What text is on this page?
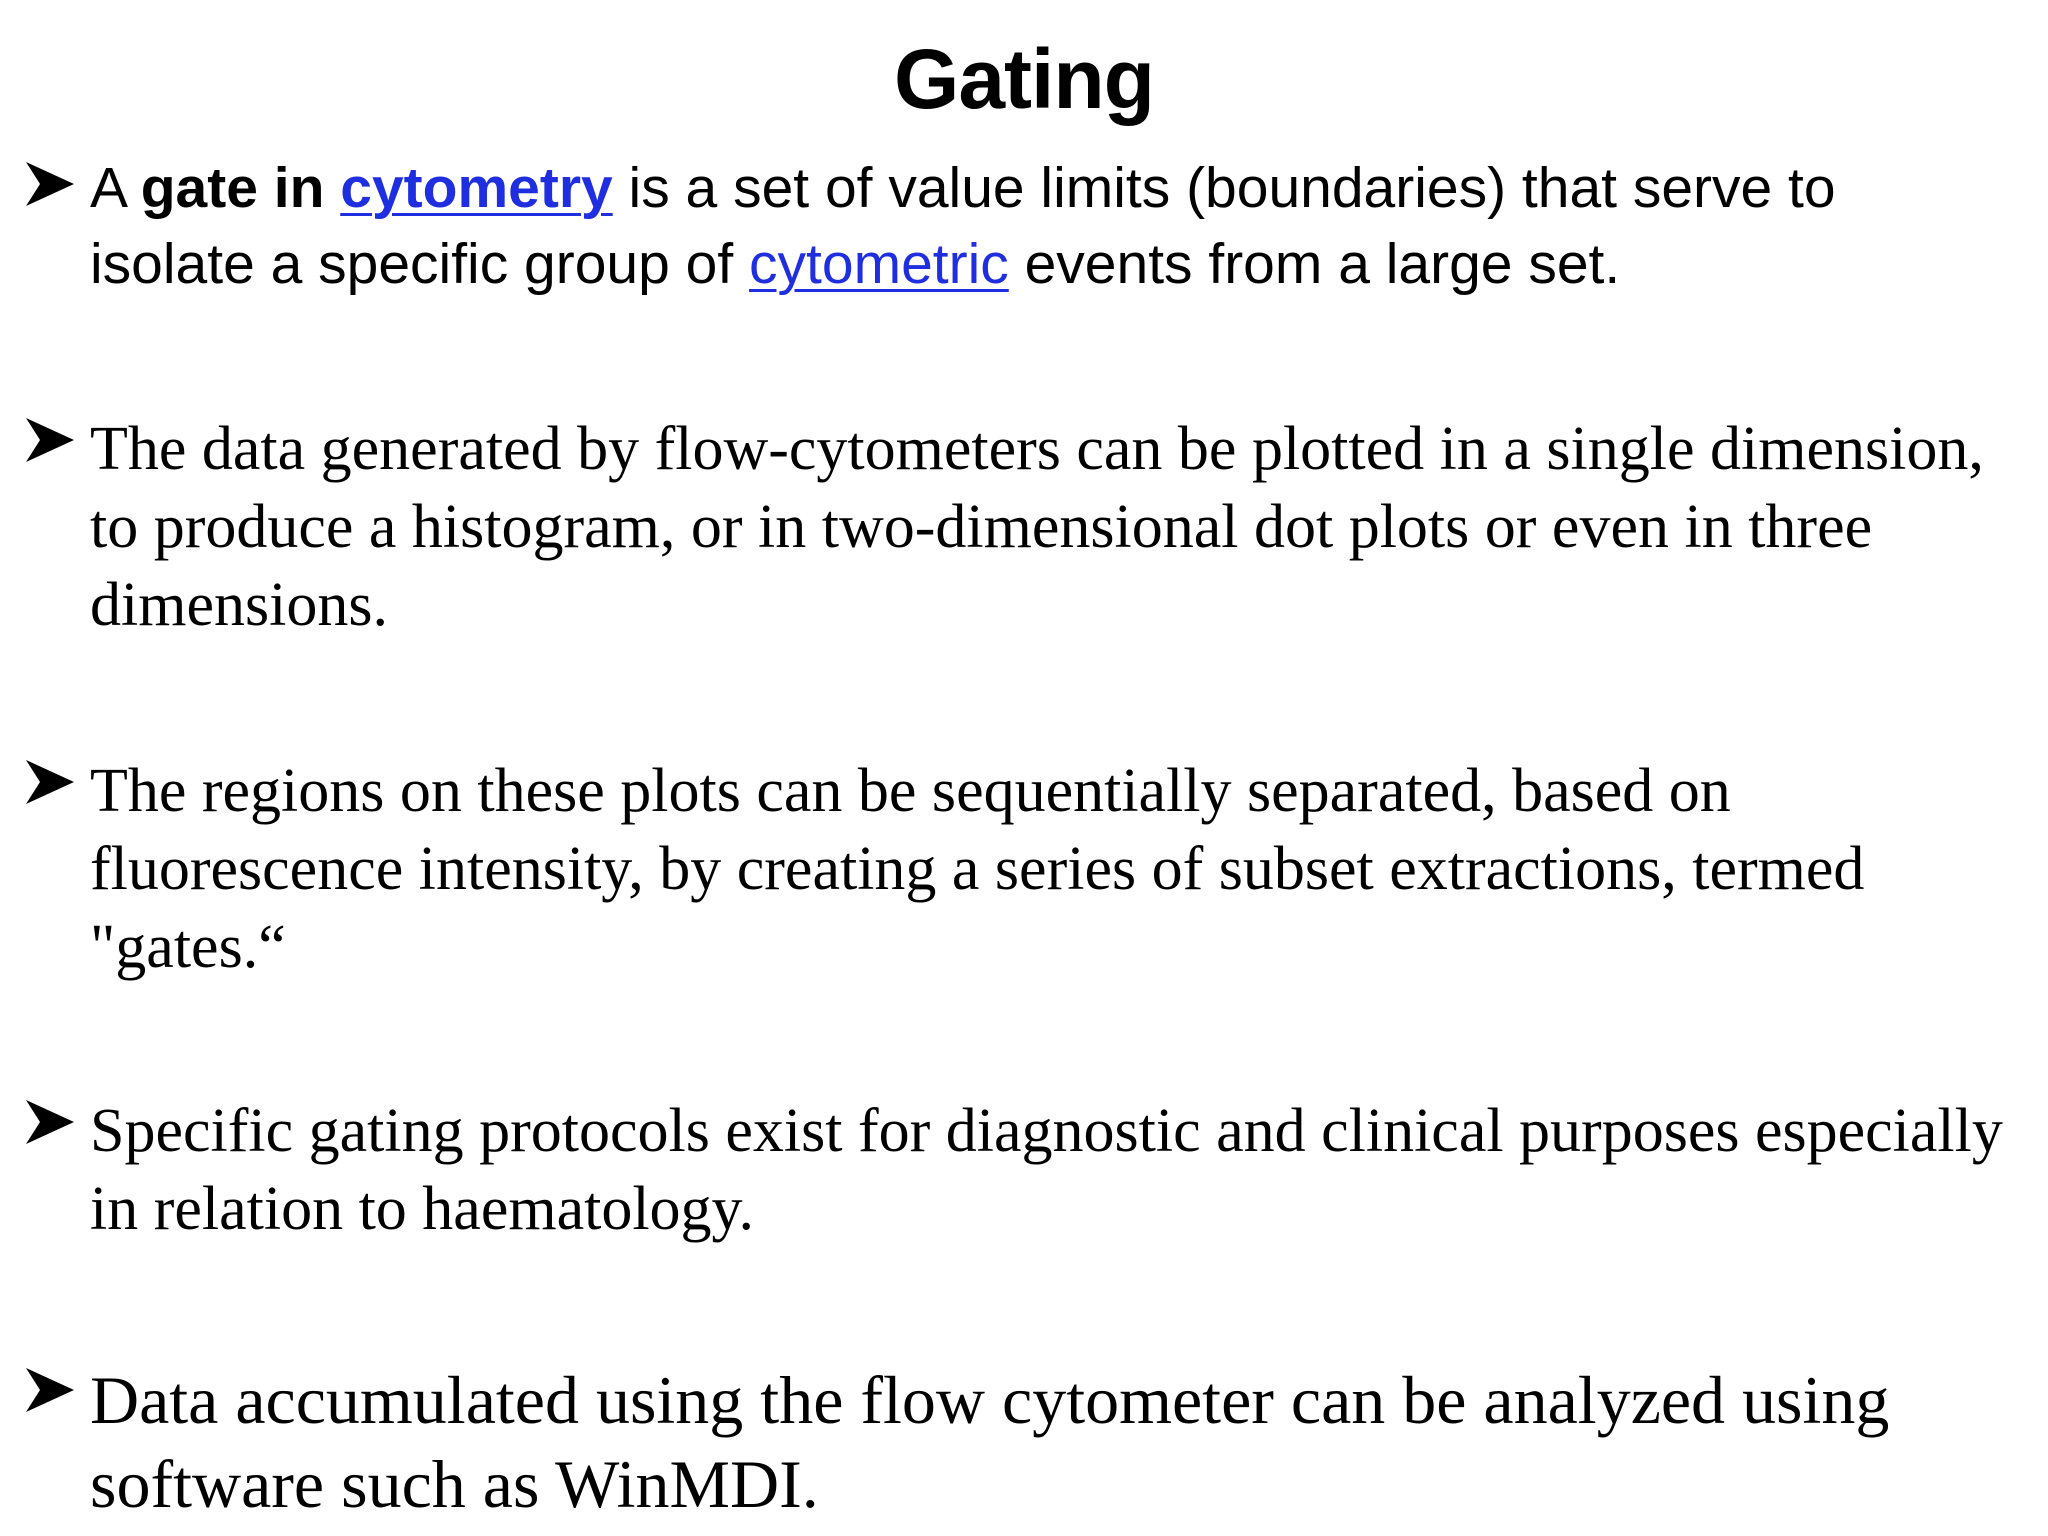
Gating
A gate in cytometry is a set of value limits (boundaries) that serve to isolate a specific group of cytometric events from a large set.
The data generated by flow-cytometers can be plotted in a single dimension, to produce a histogram, or in two-dimensional dot plots or even in three dimensions.
The regions on these plots can be sequentially separated, based on fluorescence intensity, by creating a series of subset extractions, termed "gates.“
Specific gating protocols exist for diagnostic and clinical purposes especially in relation to haematology.
Data accumulated using the flow cytometer can be analyzed using software such as WinMDI.
